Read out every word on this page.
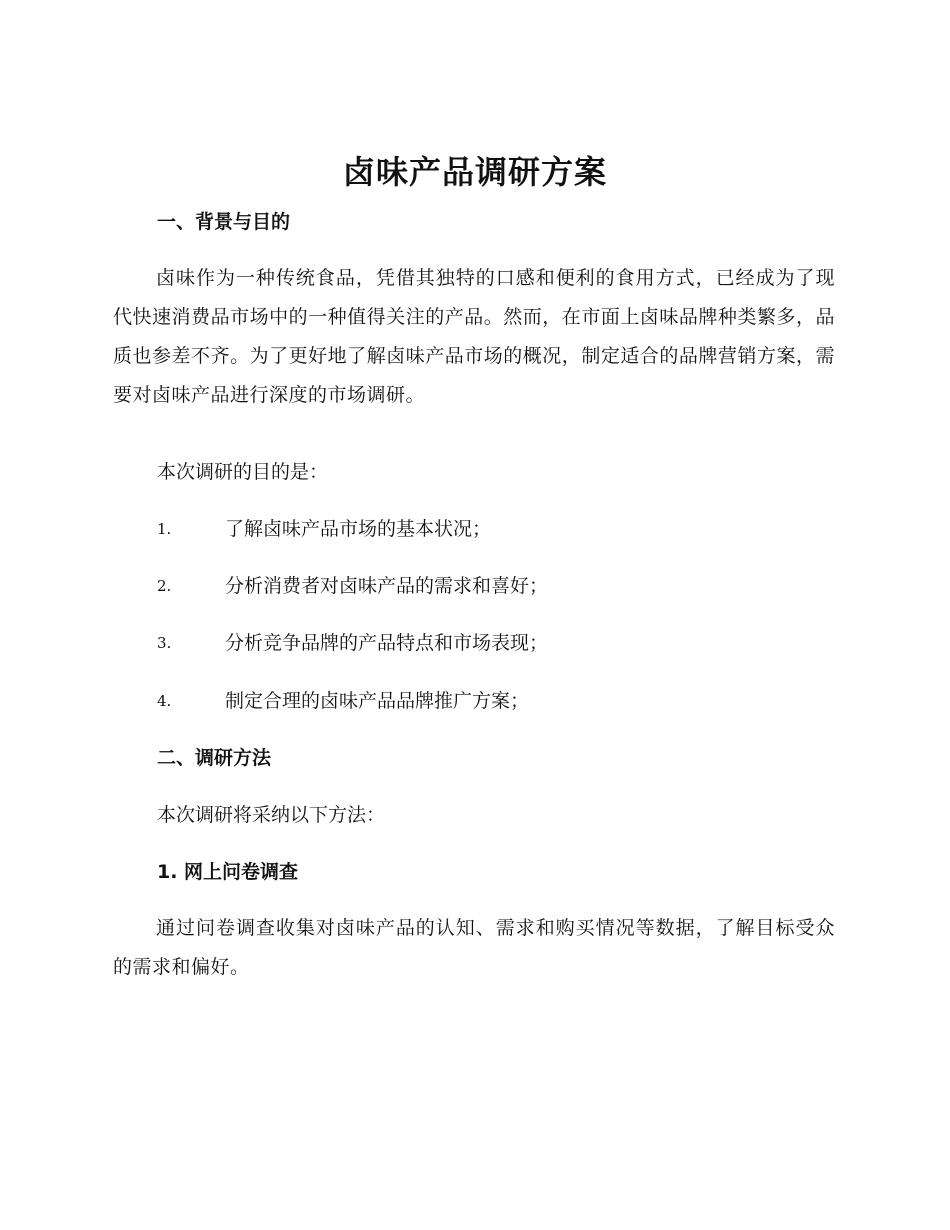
卤味产品调研方案
一、背景与目的
卤味作为一种传统食品，凭借其独特的口感和便利的食用方式，已经成为了现代快速消费品市场中的一种值得关注的产品。然而，在市面上卤味品牌种类繁多，品质也参差不齐。为了更好地了解卤味产品市场的概况，制定适合的品牌营销方案，需要对卤味产品进行深度的市场调研。
本次调研的目的是：
1.	了解卤味产品市场的基本状况；
2.	分析消费者对卤味产品的需求和喜好；
3.	分析竞争品牌的产品特点和市场表现；
4.	制定合理的卤味产品品牌推广方案；
二、调研方法
本次调研将采纳以下方法：
1. 网上问卷调查
通过问卷调查收集对卤味产品的认知、需求和购买情况等数据，了解目标受众的需求和偏好。
